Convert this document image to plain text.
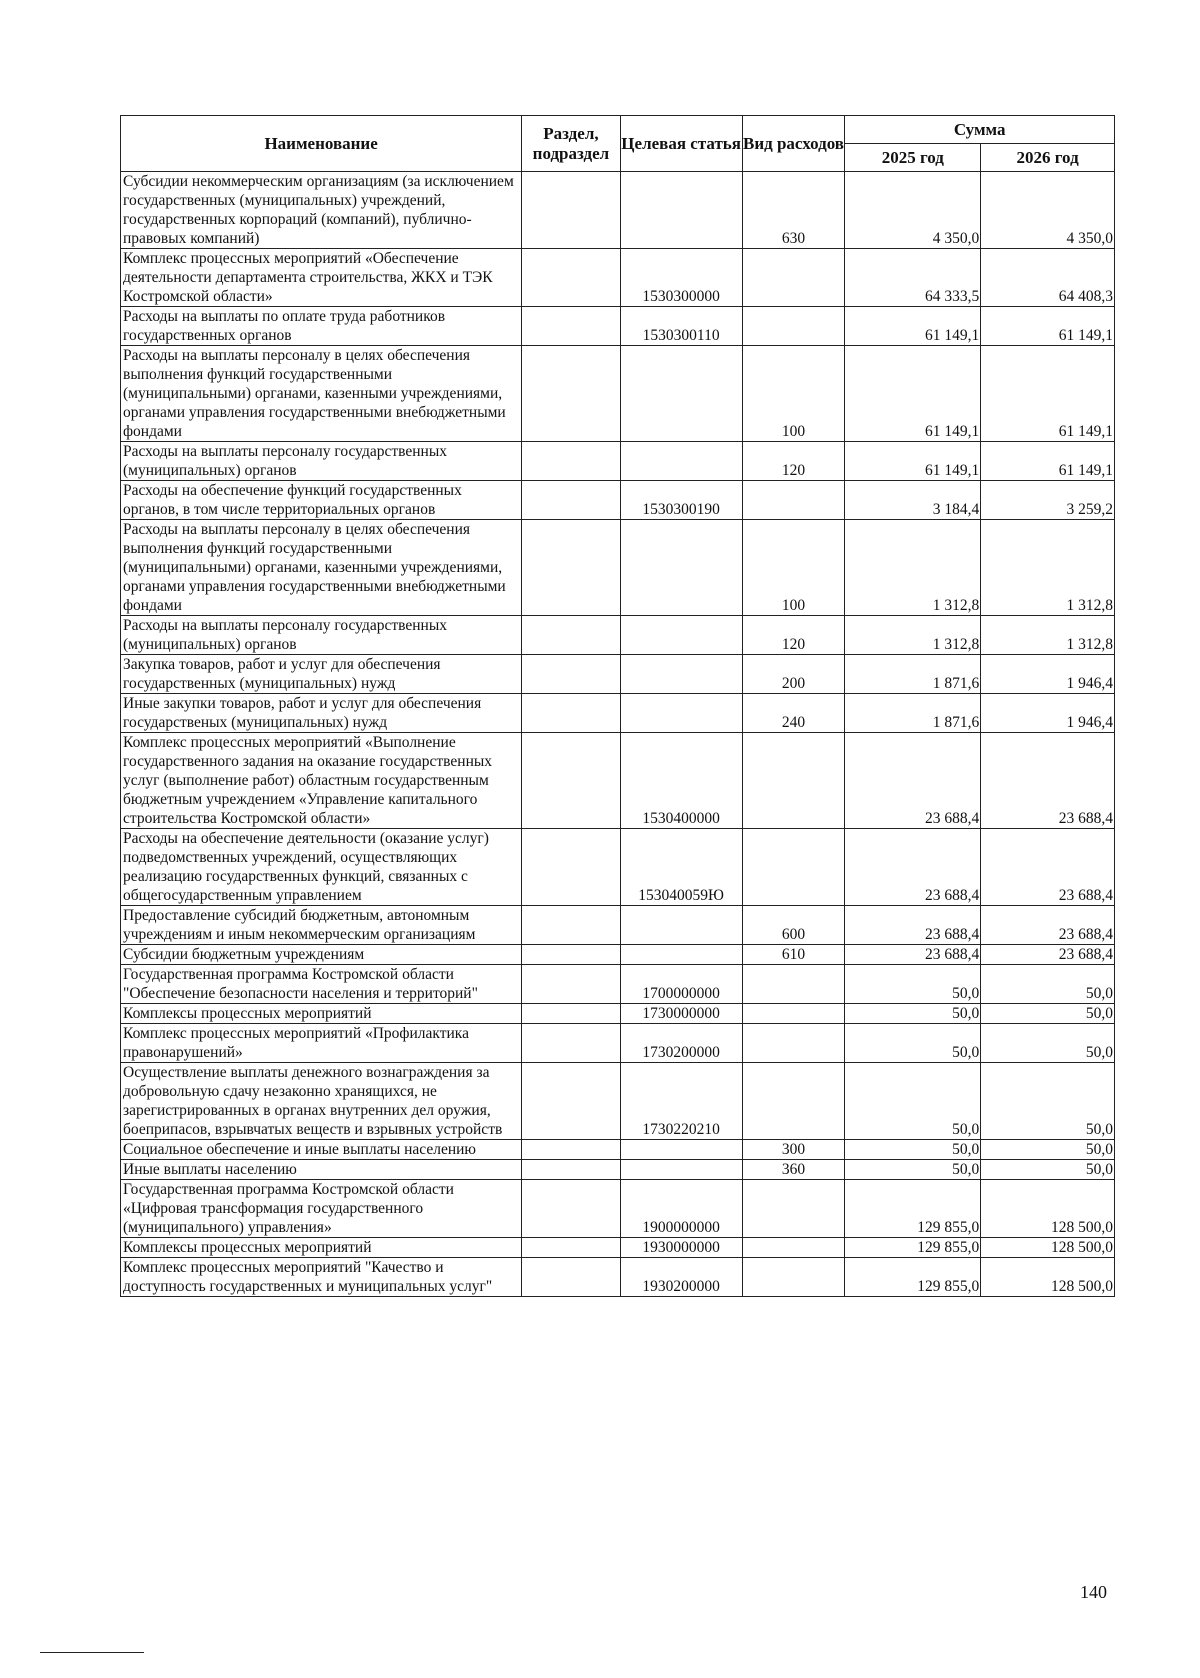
Наименование	Раздел, подраздел	Целевая статья	Вид расходов	Сумма	
				2025 год	2026 год
Субсидии некоммерческим организациям (за исключением государственных (муниципальных) учреждений, государственных корпораций (компаний), публично-правовых компаний)			630	4 350,0	4 350,0
Комплекс процессных мероприятий «Обеспечение деятельности департамента строительства, ЖКХ и ТЭК Костромской области»		1530300000		64 333,5	64 408,3
Расходы на выплаты по оплате труда работников государственных органов		1530300110		61 149,1	61 149,1
Расходы на выплаты персоналу в целях обеспечения выполнения функций государственными (муниципальными) органами, казенными учреждениями, органами управления государственными внебюджетными фондами			100	61 149,1	61 149,1
Расходы на выплаты персоналу государственных (муниципальных) органов			120	61 149,1	61 149,1
Расходы на обеспечение функций государственных органов, в том числе территориальных органов		1530300190		3 184,4	3 259,2
Расходы на выплаты персоналу в целях обеспечения выполнения функций государственными (муниципальными) органами, казенными учреждениями, органами управления государственными внебюджетными фондами			100	1 312,8	1 312,8
Расходы на выплаты персоналу государственных (муниципальных) органов			120	1 312,8	1 312,8
Закупка товаров, работ и услуг для обеспечения государственных (муниципальных) нужд			200	1 871,6	1 946,4
Иные закупки товаров, работ и услуг для обеспечения государственых (муниципальных) нужд			240	1 871,6	1 946,4
Комплекс процессных мероприятий «Выполнение государственного задания на оказание государственных услуг (выполнение работ) областным государственным бюджетным учреждением «Управление капитального строительства Костромской области»		1530400000		23 688,4	23 688,4
Расходы на обеспечение деятельности (оказание услуг) подведомственных учреждений, осуществляющих реализацию государственных функций, связанных с общегосударственным управлением		153040059Ю		23 688,4	23 688,4
Предоставление субсидий бюджетным, автономным учреждениям и иным некоммерческим организациям			600	23 688,4	23 688,4
Субсидии бюджетным учреждениям			610	23 688,4	23 688,4
Государственная программа Костромской области "Обеспечение безопасности населения и территорий"		1700000000		50,0	50,0
Комплексы процессных мероприятий		1730000000		50,0	50,0
Комплекс процессных мероприятий «Профилактика правонарушений»		1730200000		50,0	50,0
Осуществление выплаты денежного вознаграждения за добровольную сдачу незаконно хранящихся, не зарегистрированных в органах внутренних дел оружия, боеприпасов, взрывчатых веществ и взрывных устройств		1730220210		50,0	50,0
Социальное обеспечение и иные выплаты населению			300	50,0	50,0
Иные выплаты населению			360	50,0	50,0
Государственная программа Костромской области «Цифровая трансформация государственного (муниципального) управления»		1900000000		129 855,0	128 500,0
Комплексы процессных мероприятий		1930000000		129 855,0	128 500,0
Комплекс процессных мероприятий "Качество и доступность государственных и муниципальных услуг"		1930200000		129 855,0	128 500,0
140
